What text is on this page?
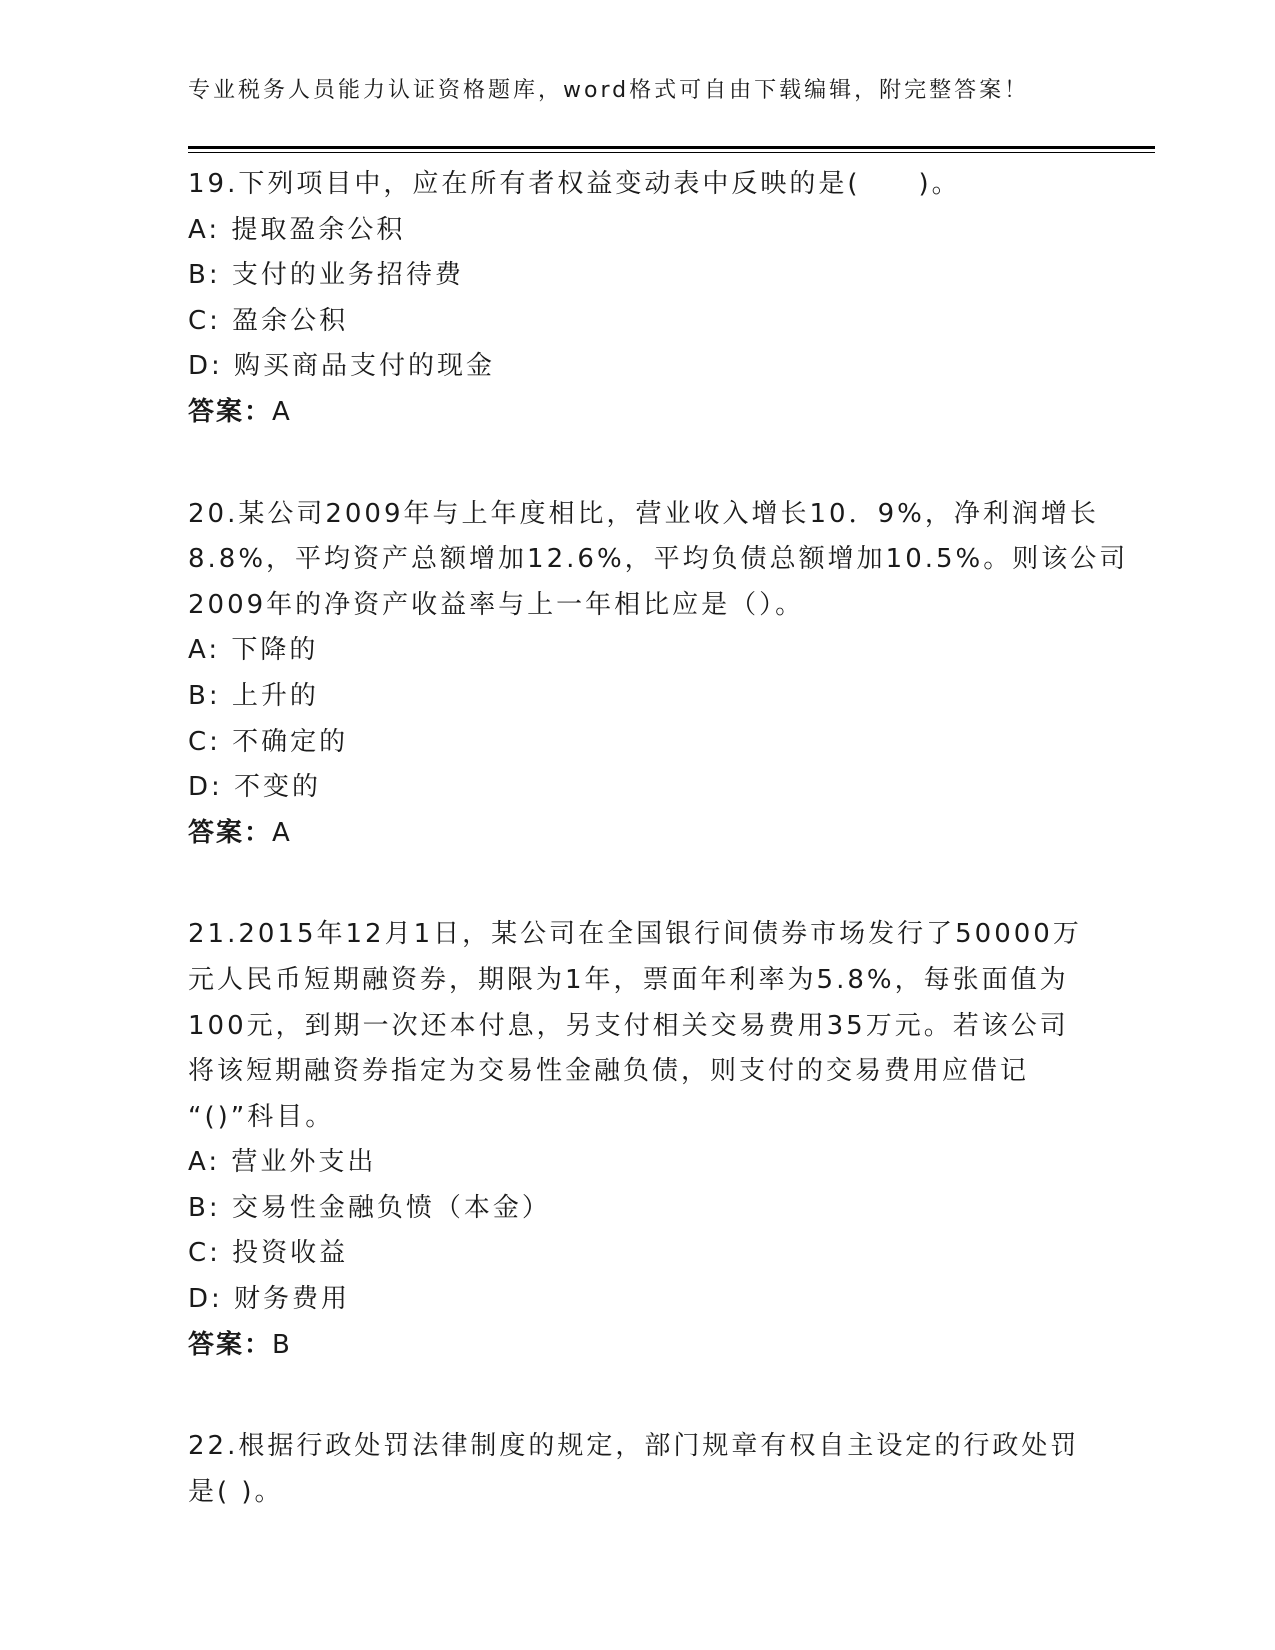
专业税务人员能力认证资格题库，word格式可自由下载编辑，附完整答案！
19.下列项目中，应在所有者权益变动表中反映的是(　　)。
A: 提取盈余公积
B: 支付的业务招待费
C: 盈余公积
D: 购买商品支付的现金
答案：A
20.某公司2009年与上年度相比，营业收入增长10．9%，净利润增长
8.8%，平均资产总额增加12.6%，平均负债总额增加10.5%。则该公司
2009年的净资产收益率与上一年相比应是（）。
A: 下降的
B: 上升的
C: 不确定的
D: 不变的
答案：A
21.2015年12月1日，某公司在全国银行间债券市场发行了50000万
元人民币短期融资券，期限为1年，票面年利率为5.8%，每张面值为
100元，到期一次还本付息，另支付相关交易费用35万元。若该公司
将该短期融资券指定为交易性金融负债，则支付的交易费用应借记
“()”科目。
A: 营业外支出
B: 交易性金融负愤（本金）
C: 投资收益
D: 财务费用
答案：B
22.根据行政处罚法律制度的规定，部门规章有权自主设定的行政处罚
是( )。
